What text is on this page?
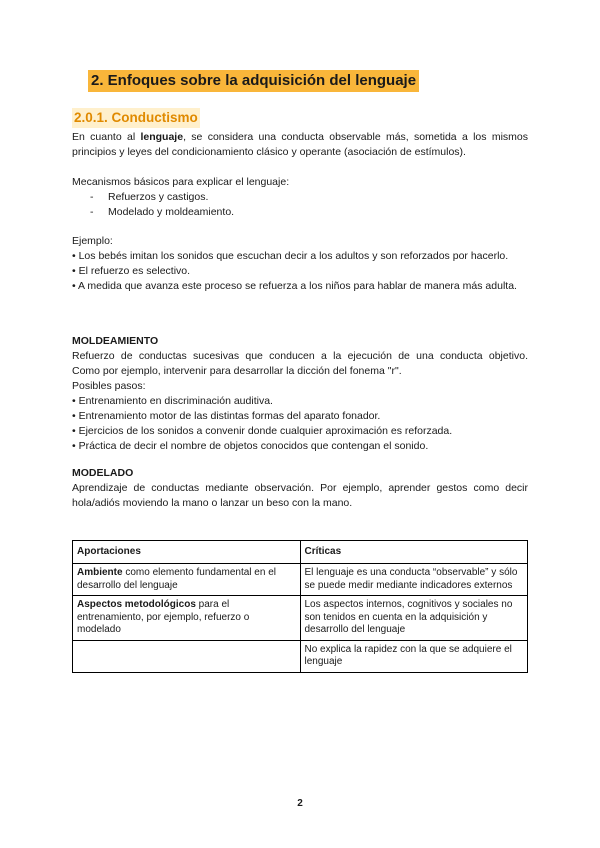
2. Enfoques sobre la adquisición del lenguaje
2.0.1. Conductismo

En cuanto al lenguaje, se considera una conducta observable más, sometida a los mismos

principios y leyes del condicionamiento clásico y operante (asociación de estímulos).

Mecanismos básicos para explicar el lenguaje:

- Refuerzos y castigos.

- Modelado y moldeamiento.

Ejemplo:

• Los bebés imitan los sonidos que escuchan decir a los adultos y son reforzados por hacerlo.

• El refuerzo es selectivo.

• A medida que avanza este proceso se refuerza a los niños para hablar de manera más adulta.

MOLDEAMIENTO

Refuerzo de conductas sucesivas que conducen a la ejecución de una conducta objetivo.

Como por ejemplo, intervenir para desarrollar la dicción del fonema "r".

Posibles pasos:

• Entrenamiento en discriminación auditiva.

• Entrenamiento motor de las distintas formas del aparato fonador.

• Ejercicios de los sonidos a convenir donde cualquier aproximación es reforzada.

• Práctica de decir el nombre de objetos conocidos que contengan el sonido.

MODELADO

Aprendizaje de conductas mediante observación. Por ejemplo, aprender gestos como decir hola/adiós moviendo la mano o lanzar un beso con la mano.

Aportaciones	Críticas
Ambiente como elemento fundamental en el desarrollo del lenguaje	El lenguaje es una conducta “observable” y sólo se puede medir mediante indicadores externos
Aspectos metodológicos para el entrenamiento, por ejemplo, refuerzo o modelado	Los aspectos internos, cognitivos y sociales no son tenidos en cuenta en la adquisición y desarrollo del lenguaje
	No explica la rapidez con la que se adquiere el lenguaje
2
